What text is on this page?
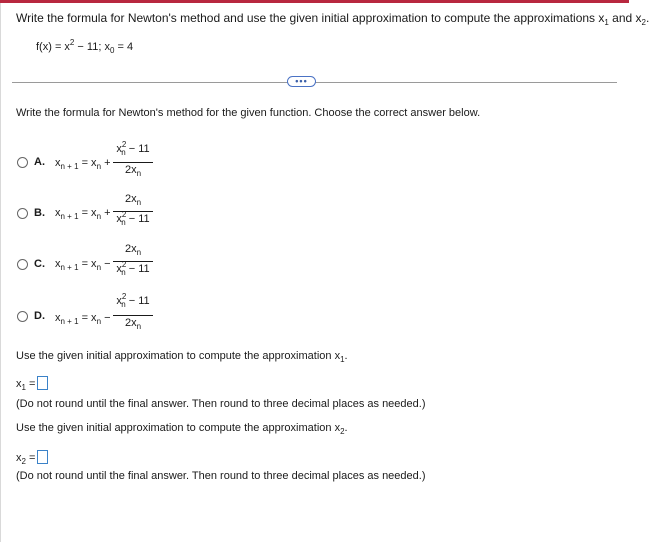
Write the formula for Newton's method and use the given initial approximation to compute the approximations $x_1$ and $x_2$.
$f(x) = x^2 - 11$; $x_0 = 4$
•••
Write the formula for Newton's method for the given function. Choose the correct answer below.
A. $x_{n + 1} = x_n$ +
$x^2_n - 11$
$2x_n$
B. $x_{n + 1} = x_n$ +
$2x_n$
$x^2_n - 11$
C. $x_{n + 1} = x_n$ −
$2x_n$
$x^2_n - 11$
D. $x_{n + 1} = x_n$ −
$x^2_n - 11$
$2x_n$
Use the given initial approximation to compute the approximation $x_1$.
$x_1$ =
(Do not round until the final answer. Then round to three decimal places as needed.)
Use the given initial approximation to compute the approximation $x_2$.
$x_2$ =
(Do not round until the final answer. Then round to three decimal places as needed.)
